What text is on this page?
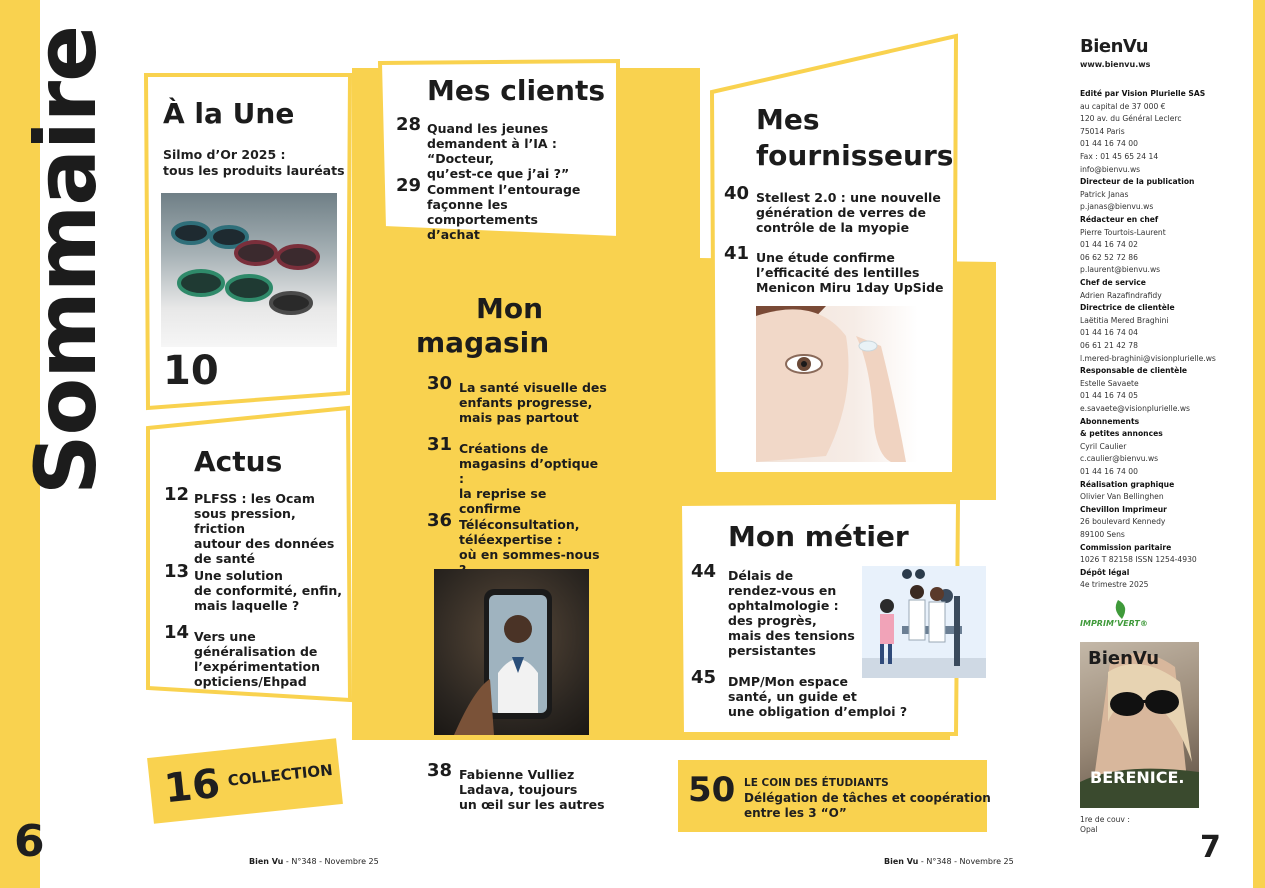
Sommaire À la Une
Silmo d’Or 2025 :
tous les produits lauréats
10
Actus
12 PLFSS : les Ocam
sous pression, friction
autour des données
de santé
13 Une solution
de conformité, enfin,
mais laquelle ?
14 Vers une
généralisation de
l’expérimentation
opticiens/Ehpad
16 COLLECTION
Mes clients
28 Quand les jeunes
demandent à l’IA : “Docteur,
qu’est-ce que j’ai ?”
29 Comment l’entourage
façonne les comportements
d’achat
Mon
magasin
30 La santé visuelle des
enfants progresse,
mais pas partout
31 Créations de
magasins d’optique :
la reprise se
confirme
36 Téléconsultation,
téléexpertise :
où en sommes-nous
38 Fabienne Vulliez
Ladava, toujours
un œil sur les autres
Mes
fournisseurs
40 Stellest 2.0 : une nouvelle
génération de verres de
contrôle de la myopie
41 Une étude confirme
l’efficacité des lentilles
Menicon Miru 1day UpSide
Mon métier
44 Délais de
rendez-vous en
ophtalmologie :
des progrès,
mais des tensions
persistantes
45 DMP/Mon espace
santé, un guide et
une obligation d’emploi ?
50 LE COIN DES ÉTUDIANTS
Délégation de tâches et coopération
entre les 3 “O”
6	Bien Vu - N°348 - Novembre 25	Bien Vu - N°348 - Novembre 25	7
BienVu
www.bienvu.ws
Edité par Vision Plurielle SAS
au capital de 37 000 €
120 av. du Général Leclerc
75014 Paris
01 44 16 74 00
Fax : 01 45 65 24 14
info@bienvu.ws
Directeur de la publication
Patrick Janas
p.janas@bienvu.ws
Rédacteur en chef
Pierre Tourtois-Laurent
01 44 16 74 02
06 62 52 72 86
p.laurent@bienvu.ws
Chef de service
Adrien Razafindrafidy
Directrice de clientèle
Laëtitia Mered Braghini
01 44 16 74 04
06 61 21 42 78
l.mered-braghini@visionplurielle.ws
Responsable de clientèle
Estelle Savaete
01 44 16 74 05
e.savaete@visionplurielle.ws
Abonnements
& petites annonces
Cyril Caulier
c.caulier@bienvu.ws
01 44 16 74 00
Réalisation graphique
Olivier Van Bellinghen
Chevillon Imprimeur
26 boulevard Kennedy
89100 Sens
Commission paritaire
1026 T 82158 ISSN 1254-4930
Dépôt légal
4e trimestre 2025
IMPRIM’VERT®
BienVu
BERENICE.
1re de couv :
Opal
